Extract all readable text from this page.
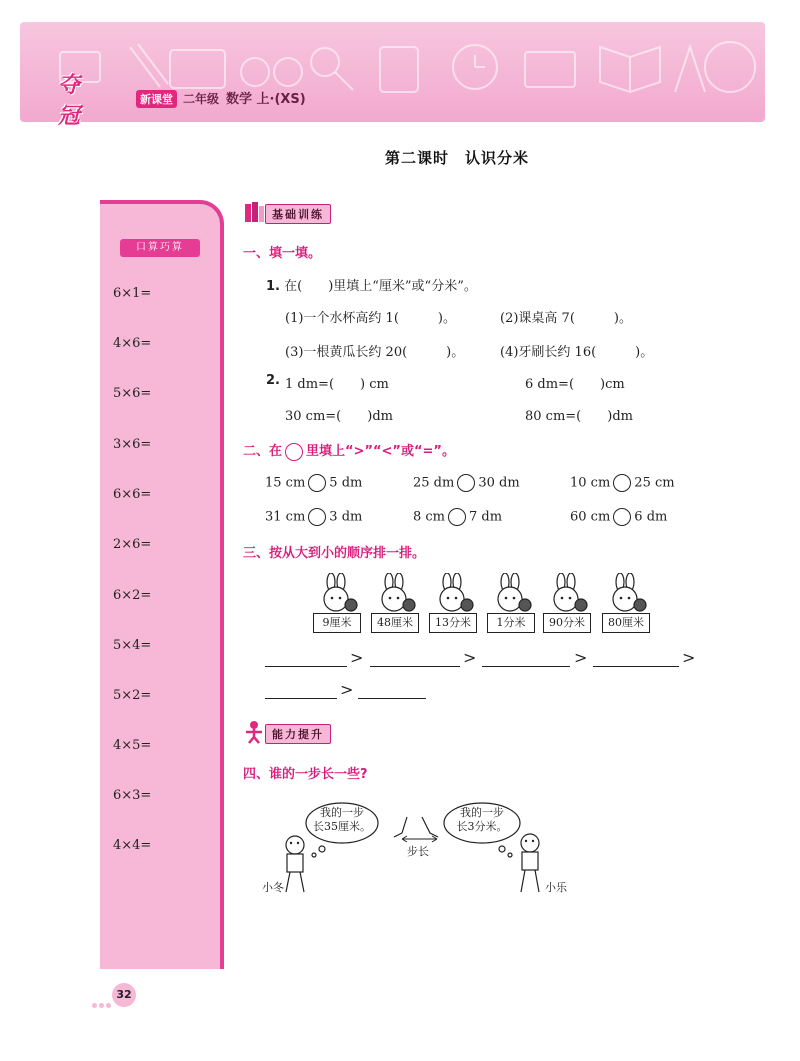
夺冠
新课堂 二年级 数学 上·(XS)
第二课时　认识分米
口算巧算
6×1=
4×6=
5×6=
3×6=
6×6=
2×6=
6×2=
5×4=
5×2=
4×5=
6×3=
4×4=
基础训练
一、填一填。
1. 在(　　)里填上“厘米”或“分米”。
(1)一个水杯高约 1(　　　)。	(2)课桌高 7(　　　)。
(3)一根黄瓜长约 20(　　　)。	(4)牙刷长约 16(　　　)。
2. 1 dm=(　　) cm	6 dm=(　　)cm
30 cm=(　　)dm	80 cm=(　　)dm
二、在 里填上“>”“<”或“=”。
15 cm 5 dm	25 dm 30 dm	10 cm 25 cm
31 cm 3 dm	8 cm 7 dm	60 cm 6 dm
三、按从大到小的顺序排一排。
9厘米	48厘米	13分米	1分米	90分米	80厘米
>	>	>	>
>
能力提升
四、谁的一步长一些?
我的一步
长35厘米。
我的一步
长3分米。
步长
小冬	小乐
32
